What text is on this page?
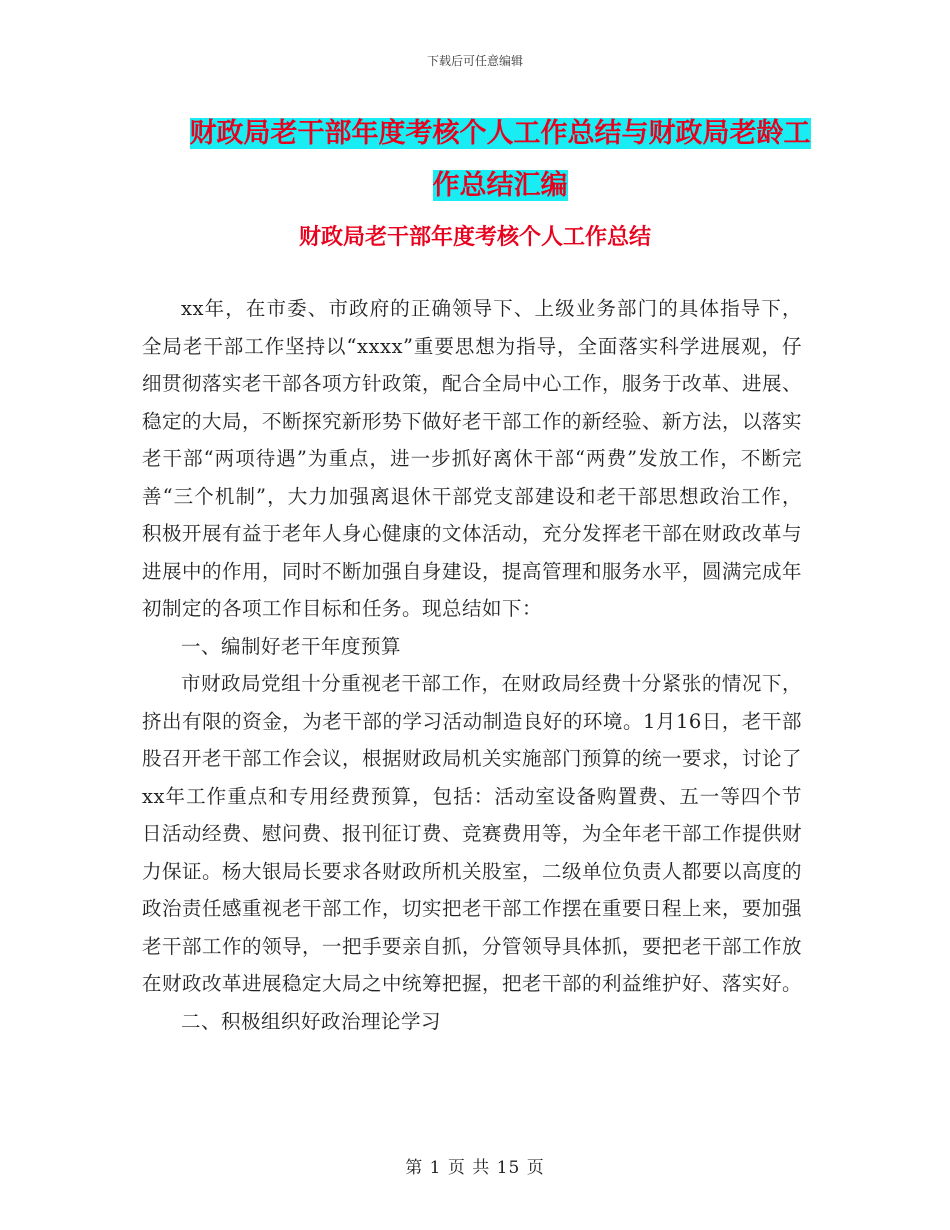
下载后可任意编辑
财政局老干部年度考核个人工作总结与财政局老龄工
作总结汇编
财政局老干部年度考核个人工作总结

xx年，在市委、市政府的正确领导下、上级业务部门的具体指导下，全局老干部工作坚持以“xxxx”重要思想为指导，全面落实科学进展观，仔细贯彻落实老干部各项方针政策，配合全局中心工作，服务于改革、进展、稳定的大局，不断探究新形势下做好老干部工作的新经验、新方法，以落实老干部“两项待遇”为重点，进一步抓好离休干部“两费”发放工作，不断完善“三个机制”，大力加强离退休干部党支部建设和老干部思想政治工作，积极开展有益于老年人身心健康的文体活动，充分发挥老干部在财政改革与进展中的作用，同时不断加强自身建设，提高管理和服务水平，圆满完成年初制定的各项工作目标和任务。现总结如下：

一、编制好老干年度预算

市财政局党组十分重视老干部工作，在财政局经费十分紧张的情况下，挤出有限的资金，为老干部的学习活动制造良好的环境。1月16日，老干部股召开老干部工作会议，根据财政局机关实施部门预算的统一要求，讨论了xx年工作重点和专用经费预算，包括：活动室设备购置费、五一等四个节日活动经费、慰问费、报刊征订费、竞赛费用等，为全年老干部工作提供财力保证。杨大银局长要求各财政所机关股室，二级单位负责人都要以高度的政治责任感重视老干部工作，切实把老干部工作摆在重要日程上来，要加强老干部工作的领导，一把手要亲自抓，分管领导具体抓，要把老干部工作放在财政改革进展稳定大局之中统筹把握，把老干部的利益维护好、落实好。

二、积极组织好政治理论学习

第 1 页 共 15 页
